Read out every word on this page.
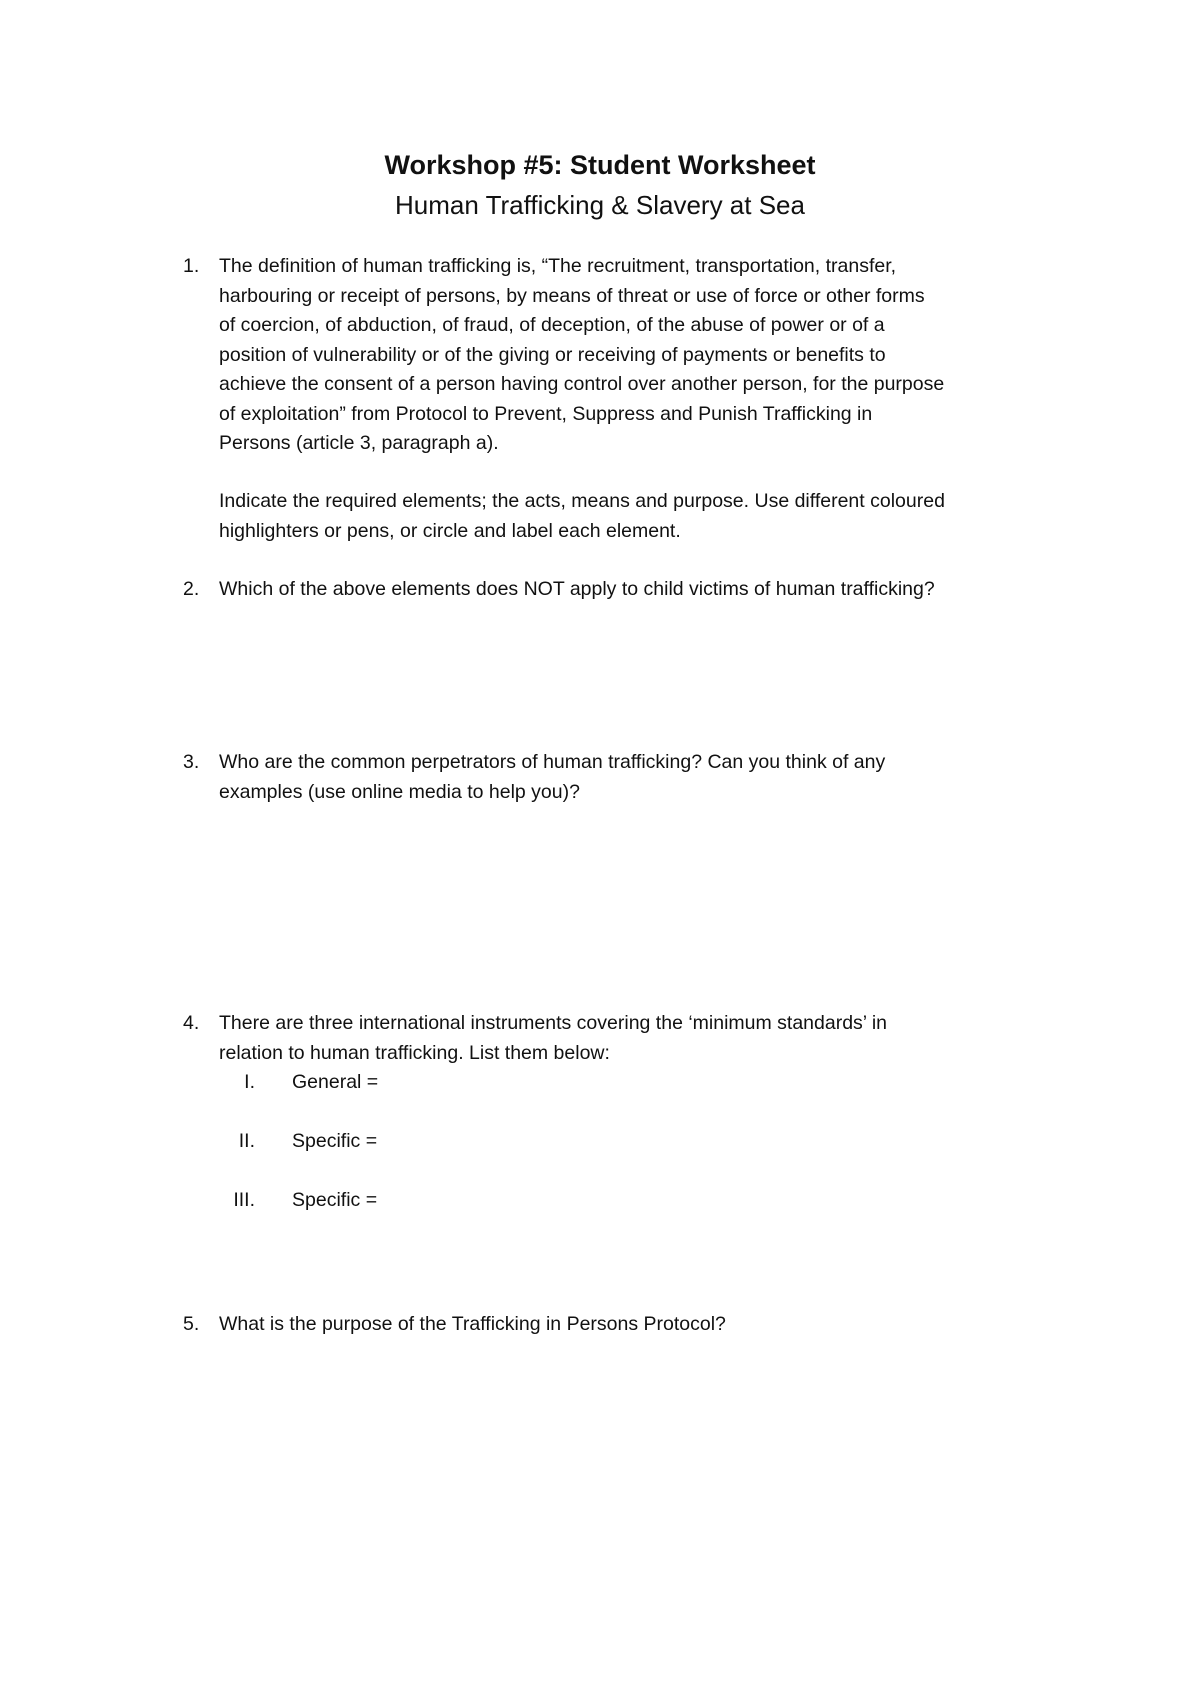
Workshop #5: Student Worksheet
Human Trafficking & Slavery at Sea
1.	The definition of human trafficking is, “The recruitment, transportation, transfer,
harbouring or receipt of persons, by means of threat or use of force or other forms
of coercion, of abduction, of fraud, of deception, of the abuse of power or of a
position of vulnerability or of the giving or receiving of payments or benefits to
achieve the consent of a person having control over another person, for the purpose
of exploitation” from Protocol to Prevent, Suppress and Punish Trafficking in
Persons (article 3, paragraph a).
Indicate the required elements; the acts, means and purpose. Use different coloured
highlighters or pens, or circle and label each element.
2.	Which of the above elements does NOT apply to child victims of human trafficking?
3.	Who are the common perpetrators of human trafficking? Can you think of any
examples (use online media to help you)?
4.	There are three international instruments covering the ‘minimum standards’ in
relation to human trafficking. List them below:
I. General =
II. Specific =
III. Specific =
5.	What is the purpose of the Trafficking in Persons Protocol?
